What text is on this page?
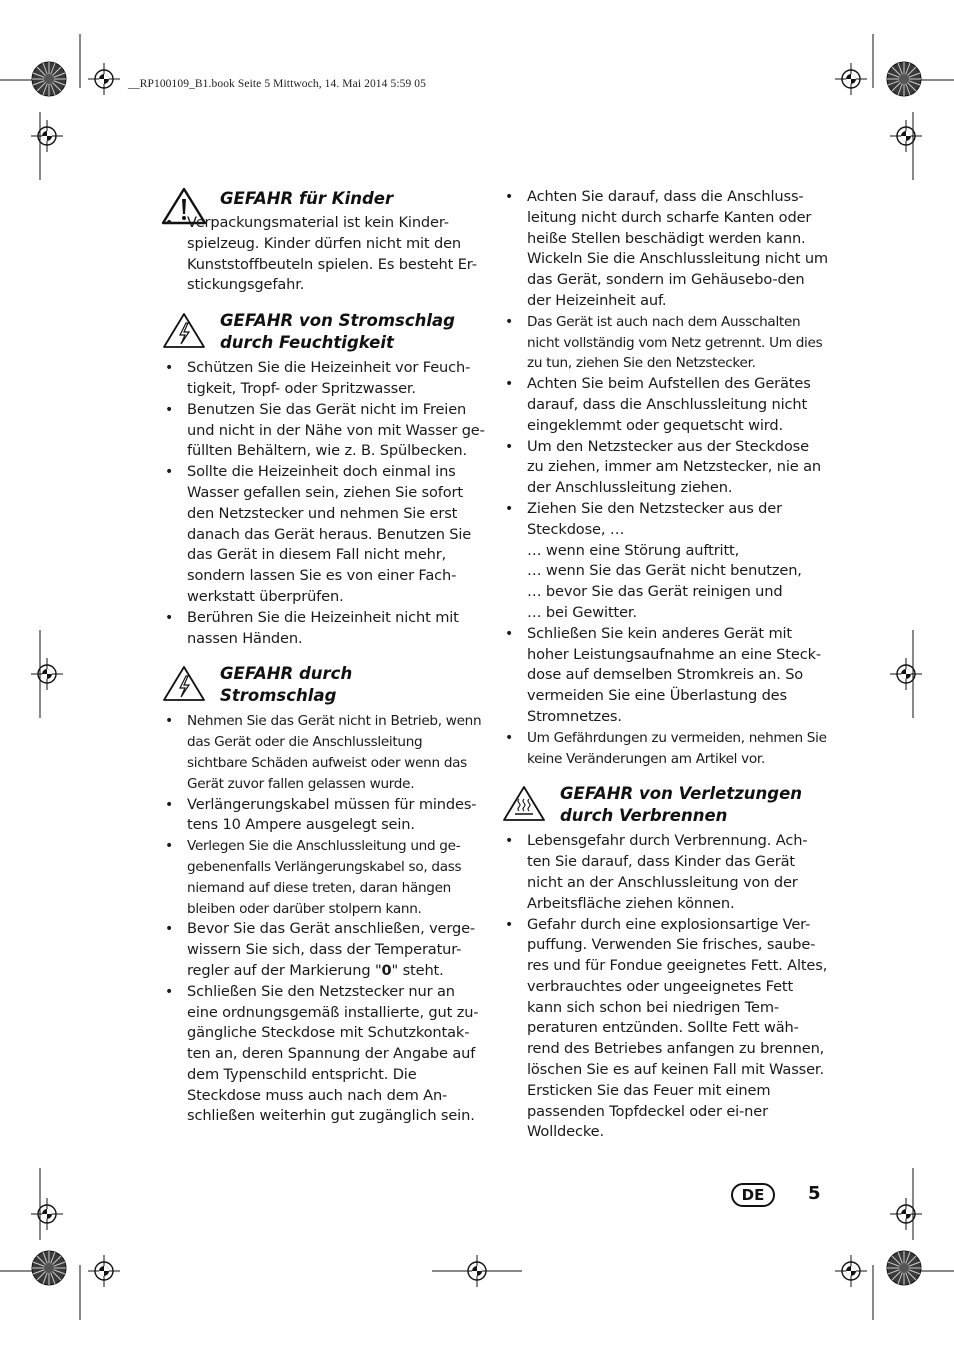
__RP100109_B1.book Seite 5 Mittwoch, 14. Mai 2014 5:59 05
GEFAHR für Kinder
• Verpackungsmaterial ist kein Kinder-spielzeug. Kinder dürfen nicht mit den Kunststoffbeuteln spielen. Es besteht Er-stickungsgefahr.
GEFAHR von Stromschlag
durch Feuchtigkeit
• Schützen Sie die Heizeinheit vor Feuch-tigkeit, Tropf- oder Spritzwasser.
• Benutzen Sie das Gerät nicht im Freien und nicht in der Nähe von mit Wasser ge-füllten Behältern, wie z. B. Spülbecken.
• Sollte die Heizeinheit doch einmal ins Wasser gefallen sein, ziehen Sie sofort den Netzstecker und nehmen Sie erst danach das Gerät heraus. Benutzen Sie das Gerät in diesem Fall nicht mehr, sondern lassen Sie es von einer Fach-werkstatt überprüfen.
• Berühren Sie die Heizeinheit nicht mit nassen Händen.
GEFAHR durch
Stromschlag
• Nehmen Sie das Gerät nicht in Betrieb, wenn das Gerät oder die Anschlussleitung sichtbare Schäden aufweist oder wenn das Gerät zuvor fallen gelassen wurde.
• Verlängerungskabel müssen für mindes-tens 10 Ampere ausgelegt sein.
• Verlegen Sie die Anschlussleitung und ge-gebenenfalls Verlängerungskabel so, dass niemand auf diese treten, daran hängen bleiben oder darüber stolpern kann.
• Bevor Sie das Gerät anschließen, verge-wissern Sie sich, dass der Temperatur-regler auf der Markierung "0" steht.
• Schließen Sie den Netzstecker nur an eine ordnungsgemäß installierte, gut zu-gängliche Steckdose mit Schutzkontak-ten an, deren Spannung der Angabe auf dem Typenschild entspricht. Die Steckdose muss auch nach dem An-schließen weiterhin gut zugänglich sein.
• Achten Sie darauf, dass die Anschluss-leitung nicht durch scharfe Kanten oder heiße Stellen beschädigt werden kann. Wickeln Sie die Anschlussleitung nicht um das Gerät, sondern im Gehäusebo-den der Heizeinheit auf.
• Das Gerät ist auch nach dem Ausschalten nicht vollständig vom Netz getrennt. Um dies zu tun, ziehen Sie den Netzstecker.
• Achten Sie beim Aufstellen des Gerätes darauf, dass die Anschlussleitung nicht eingeklemmt oder gequetscht wird.
• Um den Netzstecker aus der Steckdose zu ziehen, immer am Netzstecker, nie an der Anschlussleitung ziehen.
• Ziehen Sie den Netzstecker aus der Steckdose, …
… wenn eine Störung auftritt,
… wenn Sie das Gerät nicht benutzen,
… bevor Sie das Gerät reinigen und
… bei Gewitter.
• Schließen Sie kein anderes Gerät mit hoher Leistungsaufnahme an eine Steck-dose auf demselben Stromkreis an. So vermeiden Sie eine Überlastung des Stromnetzes.
• Um Gefährdungen zu vermeiden, nehmen Sie keine Veränderungen am Artikel vor.
GEFAHR von Verletzungen
durch Verbrennen
• Lebensgefahr durch Verbrennung. Ach-ten Sie darauf, dass Kinder das Gerät nicht an der Anschlussleitung von der Arbeitsfläche ziehen können.
• Gefahr durch eine explosionsartige Ver-puffung. Verwenden Sie frisches, saube-res und für Fondue geeignetes Fett. Altes, verbrauchtes oder ungeeignetes Fett kann sich schon bei niedrigen Tem-peraturen entzünden. Sollte Fett wäh-rend des Betriebes anfangen zu brennen, löschen Sie es auf keinen Fall mit Wasser. Ersticken Sie das Feuer mit einem passenden Topfdeckel oder ei-ner Wolldecke.
DE	5
